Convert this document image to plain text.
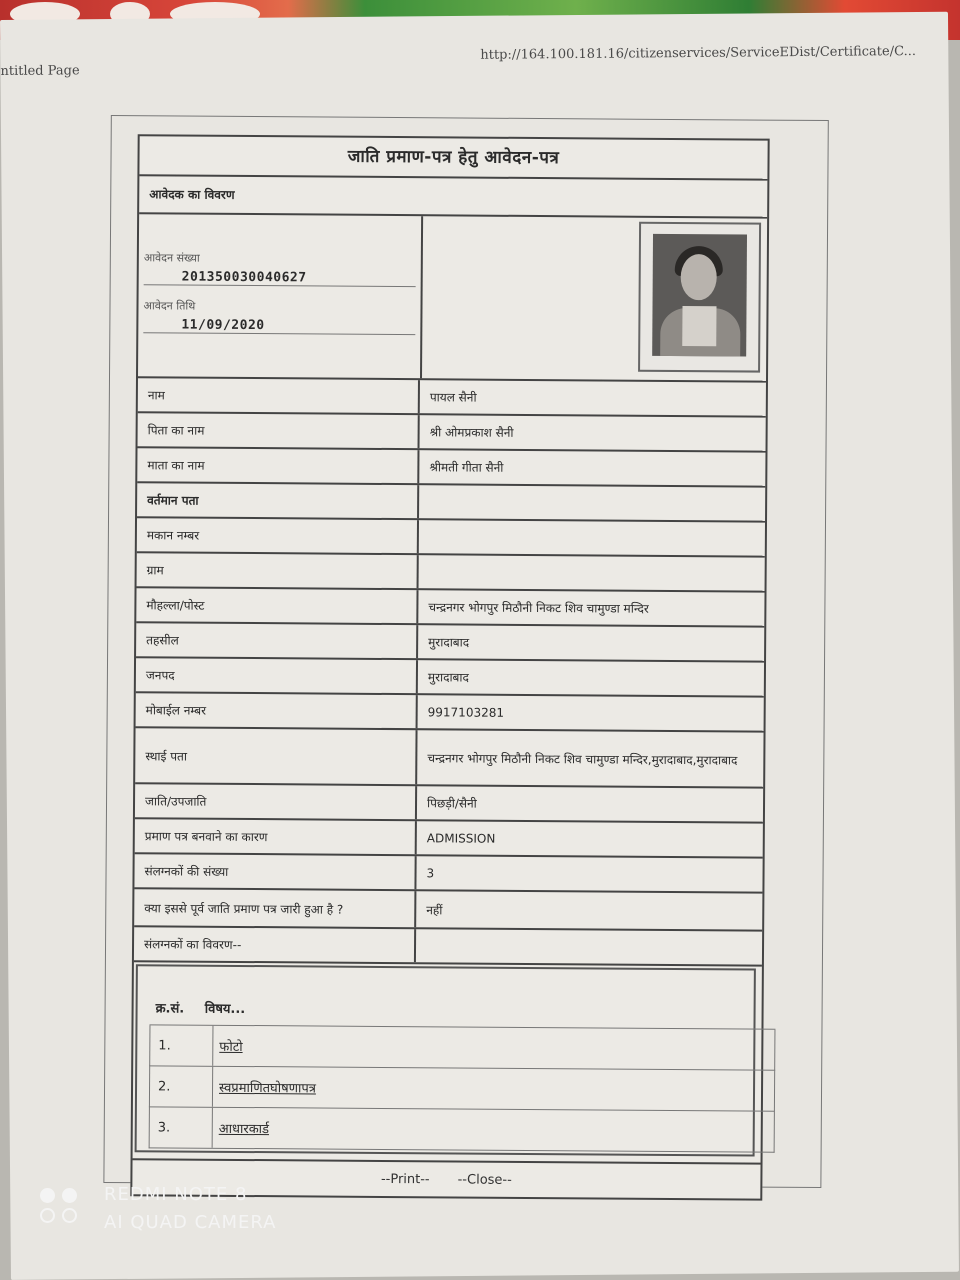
ntitled Page
http://164.100.181.16/citizenservices/ServiceEDist/Certificate/C...
जाति प्रमाण-पत्र हेतु आवेदन-पत्र
आवेदक का विवरण
आवेदन संख्या
201350030040627
आवेदन तिथि
11/09/2020
नाम	पायल सैनी
पिता का नाम	श्री ओमप्रकाश सैनी
माता का नाम	श्रीमती गीता सैनी
वर्तमान पता
मकान नम्बर
ग्राम
मौहल्ला/पोस्ट	चन्द्रनगर भोगपुर मिठौनी निकट शिव चामुण्डा मन्दिर
तहसील	मुरादाबाद
जनपद	मुरादाबाद
मोबाईल नम्बर	9917103281
स्थाई पता	चन्द्रनगर भोगपुर मिठौनी निकट शिव चामुण्डा मन्दिर,मुरादाबाद,मुरादाबाद
जाति/उपजाति	पिछड़ी/सैनी
प्रमाण पत्र बनवाने का कारण	ADMISSION
संलग्नकों की संख्या	3
क्या इससे पूर्व जाति प्रमाण पत्र जारी हुआ है ?	नहीं
संलग्नकों का विवरण--
क्र.सं. विषय...
1.	फोटो
2.	स्वप्रमाणितघोषणापत्र
3.	आधारकार्ड
--Print-- --Close--
REDMI NOTE 8
AI QUAD CAMERA
